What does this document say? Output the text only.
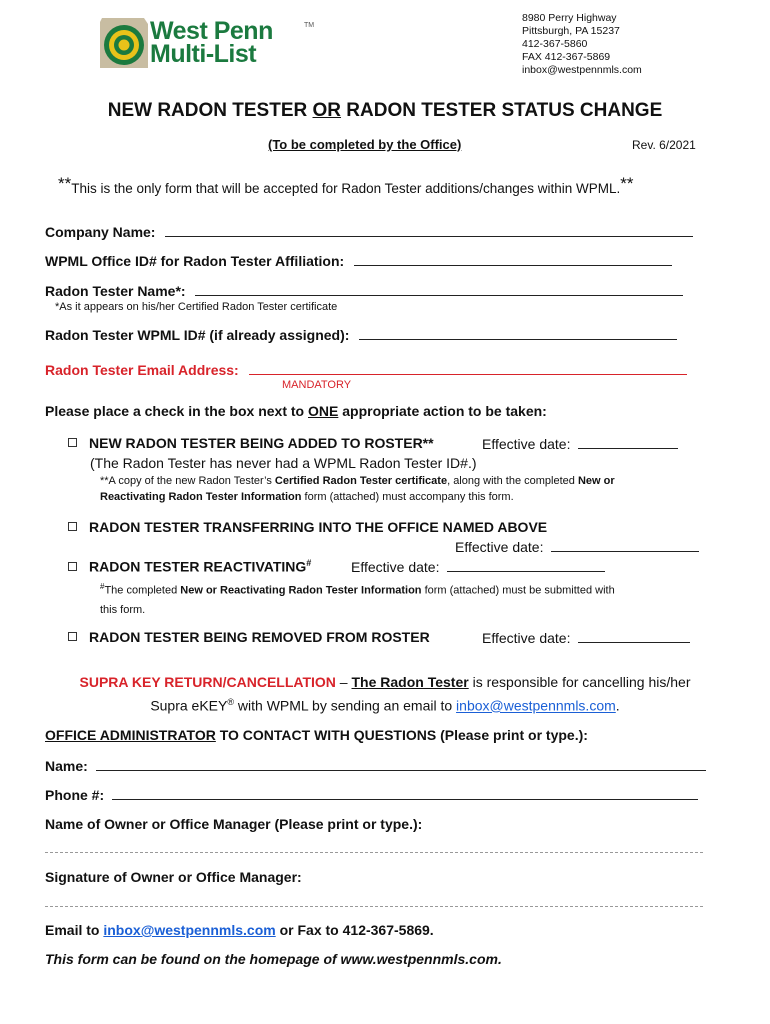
West Penn
Multi-List
TM
8980 Perry Highway
Pittsburgh, PA 15237
412-367-5860
FAX 412-367-5869
inbox@westpennmls.com
NEW RADON TESTER OR RADON TESTER STATUS CHANGE
(To be completed by the Office)	Rev. 6/2021
**This is the only form that will be accepted for Radon Tester additions/changes within WPML.**
Company Name:
WPML Office ID# for Radon Tester Affiliation:
Radon Tester Name*:
*As it appears on his/her Certified Radon Tester certificate
Radon Tester WPML ID# (if already assigned):
Radon Tester Email Address:
MANDATORY
Please place a check in the box next to ONE appropriate action to be taken:
NEW RADON TESTER BEING ADDED TO ROSTER**	Effective date:
(The Radon Tester has never had a WPML Radon Tester ID#.)
**A copy of the new Radon Tester’s Certified Radon Tester certificate, along with the completed New or
Reactivating Radon Tester Information form (attached) must accompany this form.
RADON TESTER TRANSFERRING INTO THE OFFICE NAMED ABOVE
Effective date:
RADON TESTER REACTIVATING#	Effective date:
#The completed New or Reactivating Radon Tester Information form (attached) must be submitted with
this form.
RADON TESTER BEING REMOVED FROM ROSTER	Effective date:
SUPRA KEY RETURN/CANCELLATION – The Radon Tester is responsible for cancelling his/her
Supra eKEY® with WPML by sending an email to inbox@westpennmls.com.
OFFICE ADMINISTRATOR TO CONTACT WITH QUESTIONS (Please print or type.):
Name:
Phone #:
Name of Owner or Office Manager (Please print or type.):
Signature of Owner or Office Manager:
Email to inbox@westpennmls.com or Fax to 412-367-5869.
This form can be found on the homepage of www.westpennmls.com.
